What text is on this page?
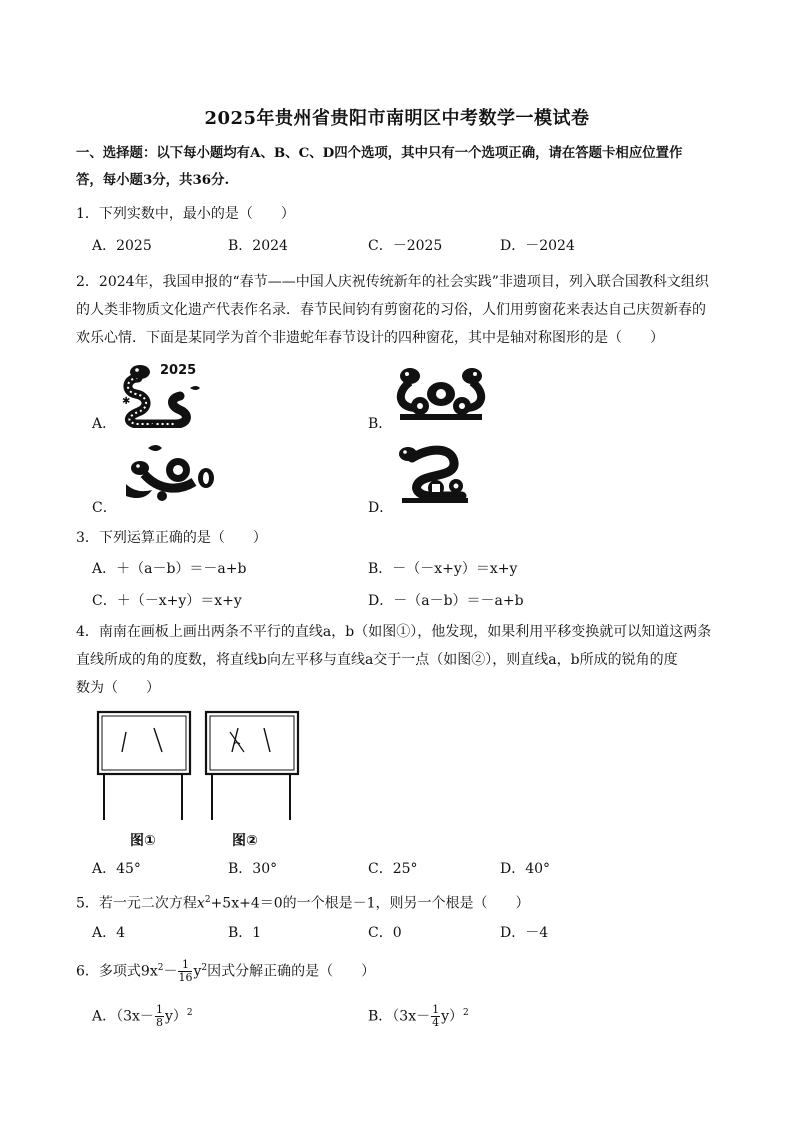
2025年贵州省贵阳市南明区中考数学一模试卷
一、选择题：以下每小题均有A、B、C、D四个选项，其中只有一个选项正确，请在答题卡相应位置作
答，每小题3分，共36分.
1．下列实数中，最小的是（　　）
A．2025	B．2024	C．－2025	D．－2024
2．2024年，我国申报的“春节——中国人庆祝传统新年的社会实践”非遗项目，列入联合国教科文组织
的人类非物质文化遗产代表作名录．春节民间钧有剪窗花的习俗，人们用剪窗花来表达自己庆贺新春的
欢乐心情．下面是某同学为首个非遗蛇年春节设计的四种窗花，其中是轴对称图形的是（　　）
A．
2025
✱
✱	B．
C．	D．
3．下列运算正确的是（　　）
A．＋（a－b）＝－a+b	B．－（－x+y）＝x+y
C．＋（－x+y）＝x+y	D．－（a－b）＝－a+b
4．南南在画板上画出两条不平行的直线a，b（如图①），他发现，如果利用平移变换就可以知道这两条
直线所成的角的度数，将直线b向左平移与直线a交于一点（如图②），则直线a，b所成的锐角的度
数为（　　）
图①	图②
A．45°	B．30°	C．25°	D．40°
5．若一元二次方程$x^2+5x+4=0$的一个根是－1，则另一个根是（　　）
A．4	B．1	C．0	D．－4
6．多项式$9x^2- \frac{1}{16} y^2$因式分解正确的是（　　）
A．$(3x- \frac{1}{8} y)^2$	B．$(3x- \frac{1}{4} y)^2$
